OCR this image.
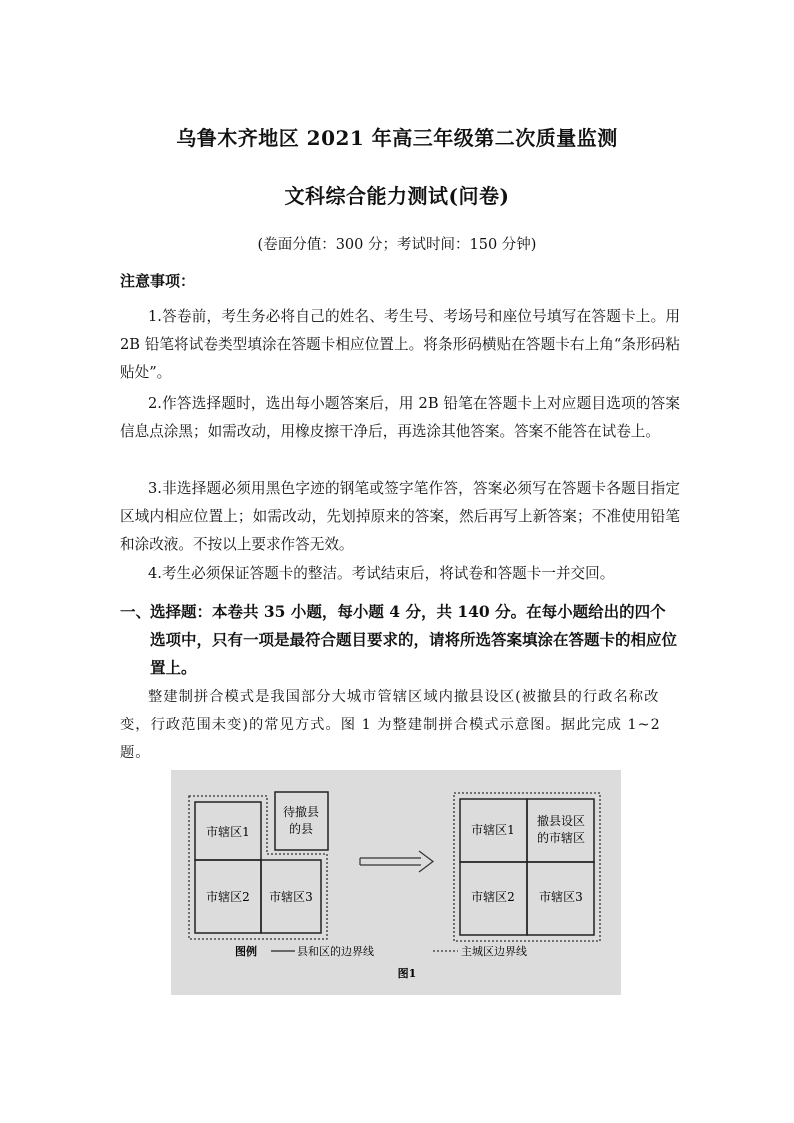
乌鲁木齐地区 2021 年高三年级第二次质量监测
文科综合能力测试(问卷)
(卷面分值：300 分；考试时间：150 分钟)
注意事项：
1.答卷前，考生务必将自己的姓名、考生号、考场号和座位号填写在答题卡上。用 2B 铅笔将试卷类型填涂在答题卡相应位置上。将条形码横贴在答题卡右上角“条形码粘贴处”。
2.作答选择题时，选出每小题答案后，用 2B 铅笔在答题卡上对应题目选项的答案信息点涂黑；如需改动，用橡皮擦干净后，再选涂其他答案。答案不能答在试卷上。
3.非选择题必须用黑色字迹的钢笔或签字笔作答，答案必须写在答题卡各题目指定区域内相应位置上；如需改动，先划掉原来的答案，然后再写上新答案；不准使用铅笔和涂改液。不按以上要求作答无效。
4.考生必须保证答题卡的整洁。考试结束后，将试卷和答题卡一并交回。
一、
选择题：本卷共 35 小题，每小题 4 分，共 140 分。在每小题给出的四个选项中，只有一项是最符合题目要求的，请将所选答案填涂在答题卡的相应位置上。
整建制拼合模式是我国部分大城市管辖区域内撤县设区(被撤县的行政名称改变，行政范围未变)的常见方式。图 1 为整建制拼合模式示意图。据此完成 1~2 题。
市辖区1
市辖区2 市辖区3
待撤县
的县	市辖区1
撤县设区
的市辖区
市辖区2 市辖区3
图例	县和区的边界线	主城区边界线
图1
